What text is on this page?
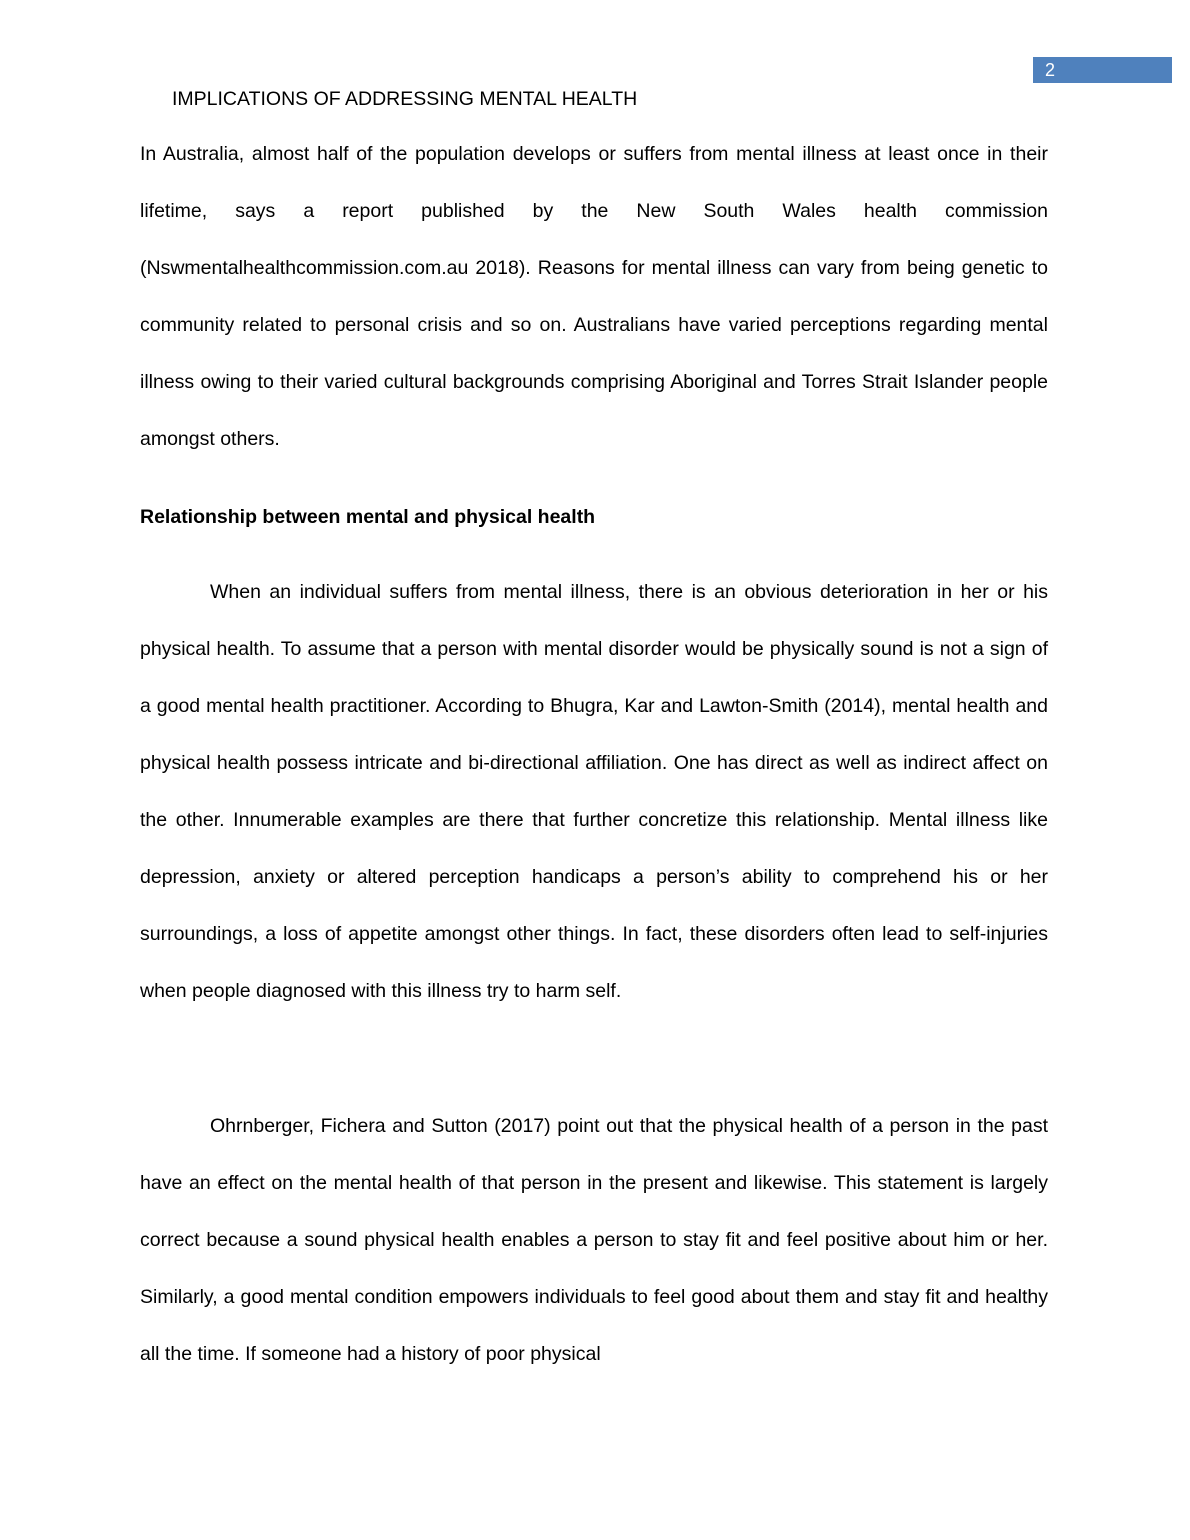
2
IMPLICATIONS OF ADDRESSING MENTAL HEALTH

In Australia, almost half of the population develops or suffers from mental illness at least once in their lifetime, says a report published by the New South Wales health commission (Nswmentalhealthcommission.com.au 2018). Reasons for mental illness can vary from being genetic to community related to personal crisis and so on. Australians have varied perceptions regarding mental illness owing to their varied cultural backgrounds comprising Aboriginal and Torres Strait Islander people amongst others.

Relationship between mental and physical health

When an individual suffers from mental illness, there is an obvious deterioration in her or his physical health. To assume that a person with mental disorder would be physically sound is not a sign of a good mental health practitioner. According to Bhugra, Kar and Lawton-Smith (2014), mental health and physical health possess intricate and bi-directional affiliation. One has direct as well as indirect affect on the other. Innumerable examples are there that further concretize this relationship. Mental illness like depression, anxiety or altered perception handicaps a person’s ability to comprehend his or her surroundings, a loss of appetite amongst other things. In fact, these disorders often lead to self-injuries when people diagnosed with this illness try to harm self.

Ohrnberger, Fichera and Sutton (2017) point out that the physical health of a person in the past have an effect on the mental health of that person in the present and likewise. This statement is largely correct because a sound physical health enables a person to stay fit and feel positive about him or her. Similarly, a good mental condition empowers individuals to feel good about them and stay fit and healthy all the time. If someone had a history of poor physical
